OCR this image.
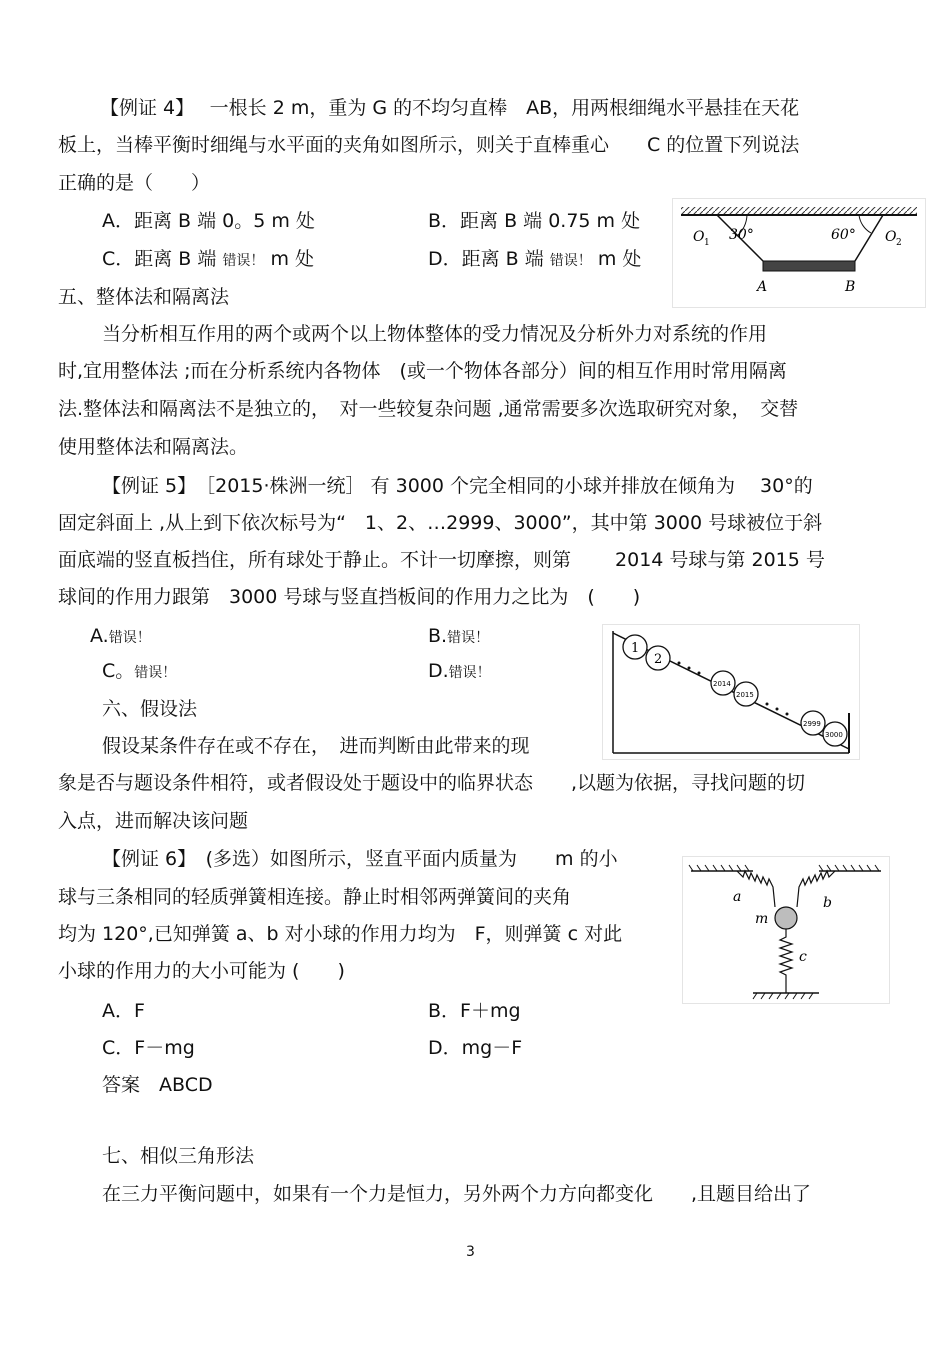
【例证 4】　 一根长 2 m，重为 G 的不均匀直棒　AB，用两根细绳水平悬挂在天花
板上，当棒平衡时细绳与水平面的夹角如图所示，则关于直棒重心　　C 的位置下列说法
正确的是（　　）
A．距离 B 端 0。5 m 处	B．距离 B 端 0.75 m 处
C．距离 B 端 错误！ m 处	D．距离 B 端 错误！ m 处
30°	60°
O 1	O 2
A	B
五、整体法和隔离法
当分析相互作用的两个或两个以上物体整体的受力情况及分析外力对系统的作用
时,宜用整体法 ;而在分析系统内各物体　(或一个物体各部分）间的相互作用时常用隔离
法.整体法和隔离法不是独立的，　对一些较复杂问题 ,通常需要多次选取研究对象，　交替
使用整体法和隔离法。
【例证 5】　［2015·株洲一统］ 有 3000 个完全相同的小球并排放在倾角为　 30°的
固定斜面上 ,从上到下依次标号为“　1、2、…2999、3000”，其中第 3000 号球被位于斜
面底端的竖直板挡住，所有球处于静止。不计一切摩擦，则第　　 2014 号球与第 2015 号
球间的作用力跟第　3000 号球与竖直挡板间的作用力之比为　(　　)
A.错误！	B.错误！
C。错误！	D.错误！
1
2
2014
2015
2999
3000
六、假设法
假设某条件存在或不存在，　进而判断由此带来的现
象是否与题设条件相符，或者假设处于题设中的临界状态　　,以题为依据，寻找问题的切
入点，进而解决该问题
【例证 6】　(多选）如图所示，竖直平面内质量为　　m 的小
球与三条相同的轻质弹簧相连接。静止时相邻两弹簧间的夹角
均为 120°,已知弹簧 a、b 对小球的作用力均为　F，则弹簧 c 对此
小球的作用力的大小可能为 (　　)
A．F	B．F＋mg
C．F－mg	D．mg－F
答案　ABCD
a	b
m
c
七、相似三角形法
在三力平衡问题中，如果有一个力是恒力，另外两个力方向都变化　　,且题目给出了
3
